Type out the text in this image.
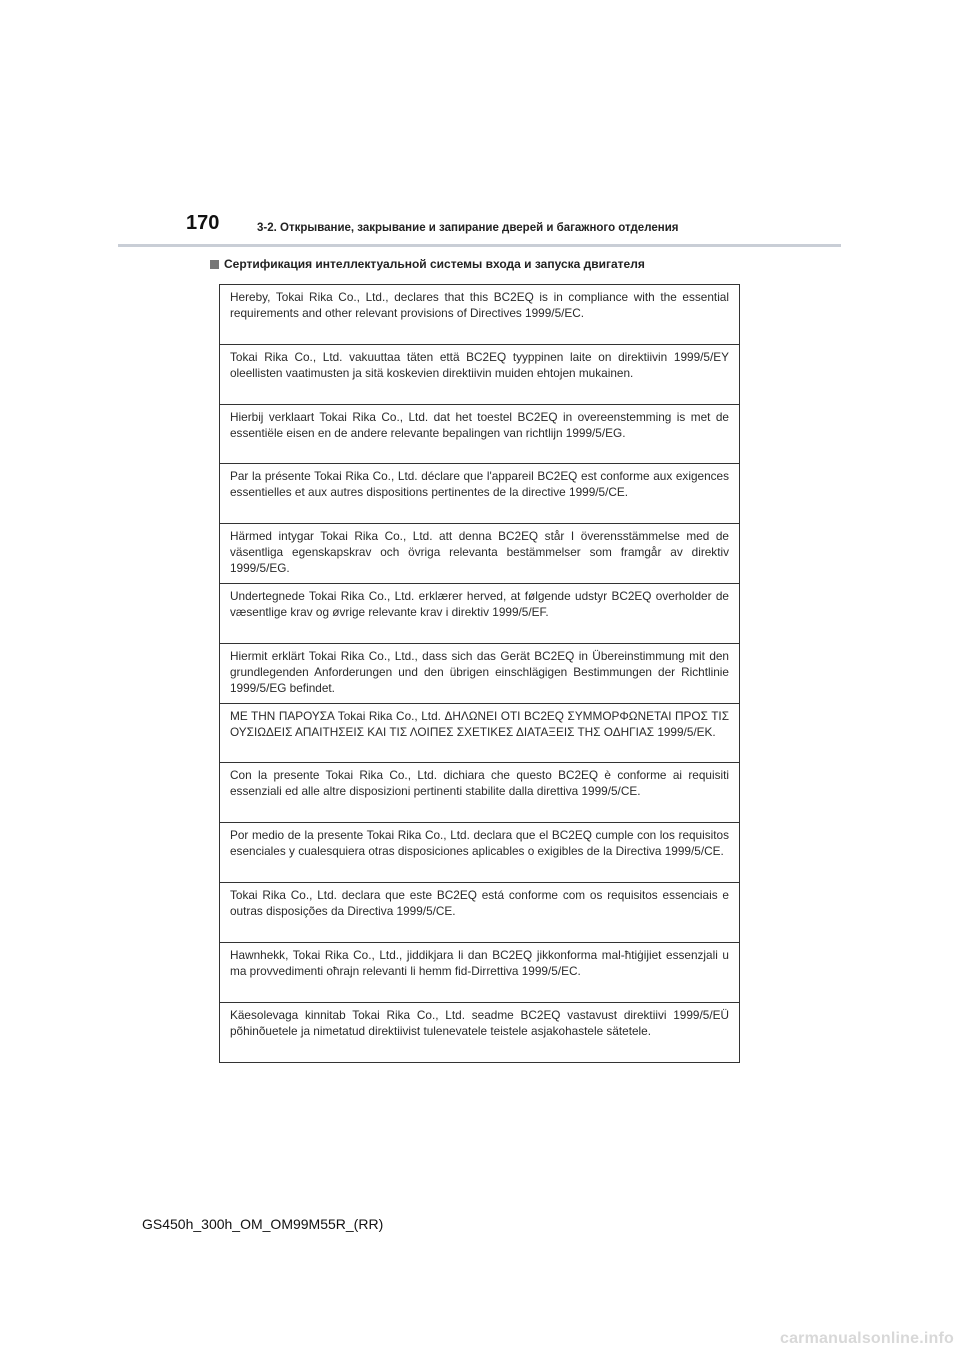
170	3-2. Открывание, закрывание и запирание дверей и багажного отделения
Сертификация интеллектуальной системы входа и запуска двигателя

Hereby, Tokai Rika Co., Ltd., declares that this BC2EQ is in compliance with the essential requirements and other relevant provisions of Directives 1999/5/EC.

Tokai Rika Co., Ltd. vakuuttaa täten että BC2EQ tyyppinen laite on direktiivin 1999/5/EY oleellisten vaatimusten ja sitä koskevien direktiivin muiden ehtojen mukainen.

Hierbij verklaart Tokai Rika Co., Ltd. dat het toestel BC2EQ in overeenstemming is met de essentiële eisen en de andere relevante bepalingen van richtlijn 1999/5/EG.

Par la présente Tokai Rika Co., Ltd. déclare que l'appareil BC2EQ est conforme aux exigences essentielles et aux autres dispositions pertinentes de la directive 1999/5/CE.

Härmed intygar Tokai Rika Co., Ltd. att denna BC2EQ står I överensstämmelse med de väsentliga egenskapskrav och övriga relevanta bestämmelser som framgår av direktiv 1999/5/EG.

Undertegnede Tokai Rika Co., Ltd. erklærer herved, at følgende udstyr BC2EQ overholder de væsentlige krav og øvrige relevante krav i direktiv 1999/5/EF.

Hiermit erklärt Tokai Rika Co., Ltd., dass sich das Gerät BC2EQ in Übereinstimmung mit den grundlegenden Anforderungen und den übrigen einschlägigen Bestimmungen der Richtlinie 1999/5/EG befindet.

ΜΕ ΤΗΝ ΠΑΡΟΥΣΑ Tokai Rika Co., Ltd. ΔΗΛΩΝΕΙ ΟΤΙ BC2EQ ΣΥΜΜΟΡΦΩΝΕΤΑΙ ΠΡΟΣ ΤΙΣ ΟΥΣΙΩΔΕΙΣ ΑΠΑΙΤΗΣΕΙΣ ΚΑΙ ΤΙΣ ΛΟΙΠΕΣ ΣΧΕΤΙΚΕΣ ΔΙΑΤΑΞΕΙΣ ΤΗΣ ΟΔΗΓΙΑΣ 1999/5/ΕΚ.

Con la presente Tokai Rika Co., Ltd. dichiara che questo BC2EQ è conforme ai requisiti essenziali ed alle altre disposizioni pertinenti stabilite dalla direttiva 1999/5/CE.

Por medio de la presente Tokai Rika Co., Ltd. declara que el BC2EQ cumple con los requisitos esenciales y cualesquiera otras disposiciones aplicables o exigibles de la Directiva 1999/5/CE.

Tokai Rika Co., Ltd. declara que este BC2EQ está conforme com os requisitos essenciais e outras disposições da Directiva 1999/5/CE.

Hawnhekk, Tokai Rika Co., Ltd., jiddikjara li dan BC2EQ jikkonforma mal-ħtiġijiet essenzjali u ma provvedimenti oħrajn relevanti li hemm fid-Dirrettiva 1999/5/EC.

Käesolevaga kinnitab Tokai Rika Co., Ltd. seadme BC2EQ vastavust direktiivi 1999/5/EÜ põhinõuetele ja nimetatud direktiivist tulenevatele teistele asjakohastele sätetele.

GS450h_300h_OM_OM99M55R_(RR)
carmanualsonline.info
